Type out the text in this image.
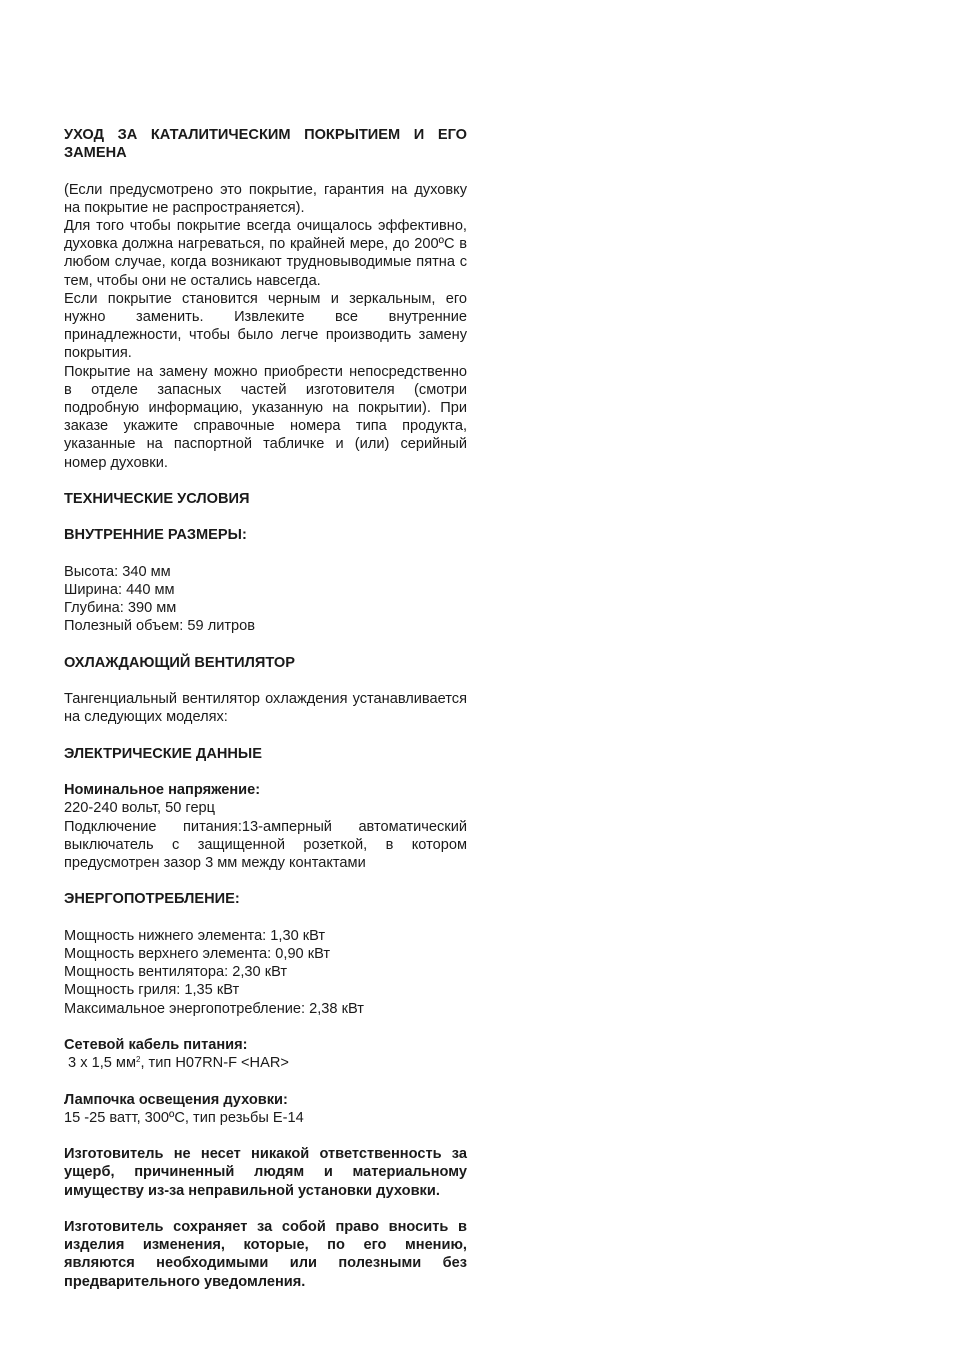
УХОД ЗА КАТАЛИТИЧЕСКИМ ПОКРЫТИЕМ И ЕГО ЗАМЕНА

(Если предусмотрено это покрытие, гарантия на духовку на покрытие не распространяется).

Для того чтобы покрытие всегда очищалось эффективно, духовка должна нагреваться, по крайней мере, до 200ºC в любом случае, когда возникают трудновыводимые пятна с тем, чтобы они не остались навсегда.

Если покрытие становится черным и зеркальным, его нужно заменить. Извлеките все внутренние принадлежности, чтобы было легче производить замену покрытия.

Покрытие на замену можно приобрести непосредственно в отделе запасных частей изготовителя (смотри подробную информацию, указанную на покрытии). При заказе укажите справочные номера типа продукта, указанные на паспортной табличке и (или) серийный номер духовки.

ТЕХНИЧЕСКИЕ УСЛОВИЯ

ВНУТРЕННИЕ РАЗМЕРЫ:

Высота: 340 мм

Ширина: 440 мм

Глубина: 390 мм

Полезный объем: 59 литров

ОХЛАЖДАЮЩИЙ ВЕНТИЛЯТОР

Тангенциальный вентилятор охлаждения устанавливается на следующих моделях:

ЭЛЕКТРИЧЕСКИЕ ДАННЫЕ

Номинальное напряжение:

220-240 вольт, 50 герц

Подключение питания:13-амперный автоматический выключатель с защищенной розеткой, в котором предусмотрен зазор 3 мм между контактами

ЭНЕРГОПОТРЕБЛЕНИЕ:

Мощность нижнего элемента: 1,30 кВт

Мощность верхнего элемента: 0,90 кВт

Мощность вентилятора: 2,30 кВт

Мощность гриля: 1,35 кВт

Максимальное энергопотребление: 2,38 кВт

Сетевой кабель питания:

3 x 1,5 $мм^2$, тип H07RN-F <HAR>

Лампочка освещения духовки:

15 -25 ватт, 300ºC, тип резьбы E-14

Изготовитель не несет никакой ответственность за ущерб, причиненный людям и материальному имуществу из-за неправильной установки духовки.

Изготовитель сохраняет за собой право вносить в изделия изменения, которые, по его мнению, являются необходимыми или полезными без предварительного уведомления.
